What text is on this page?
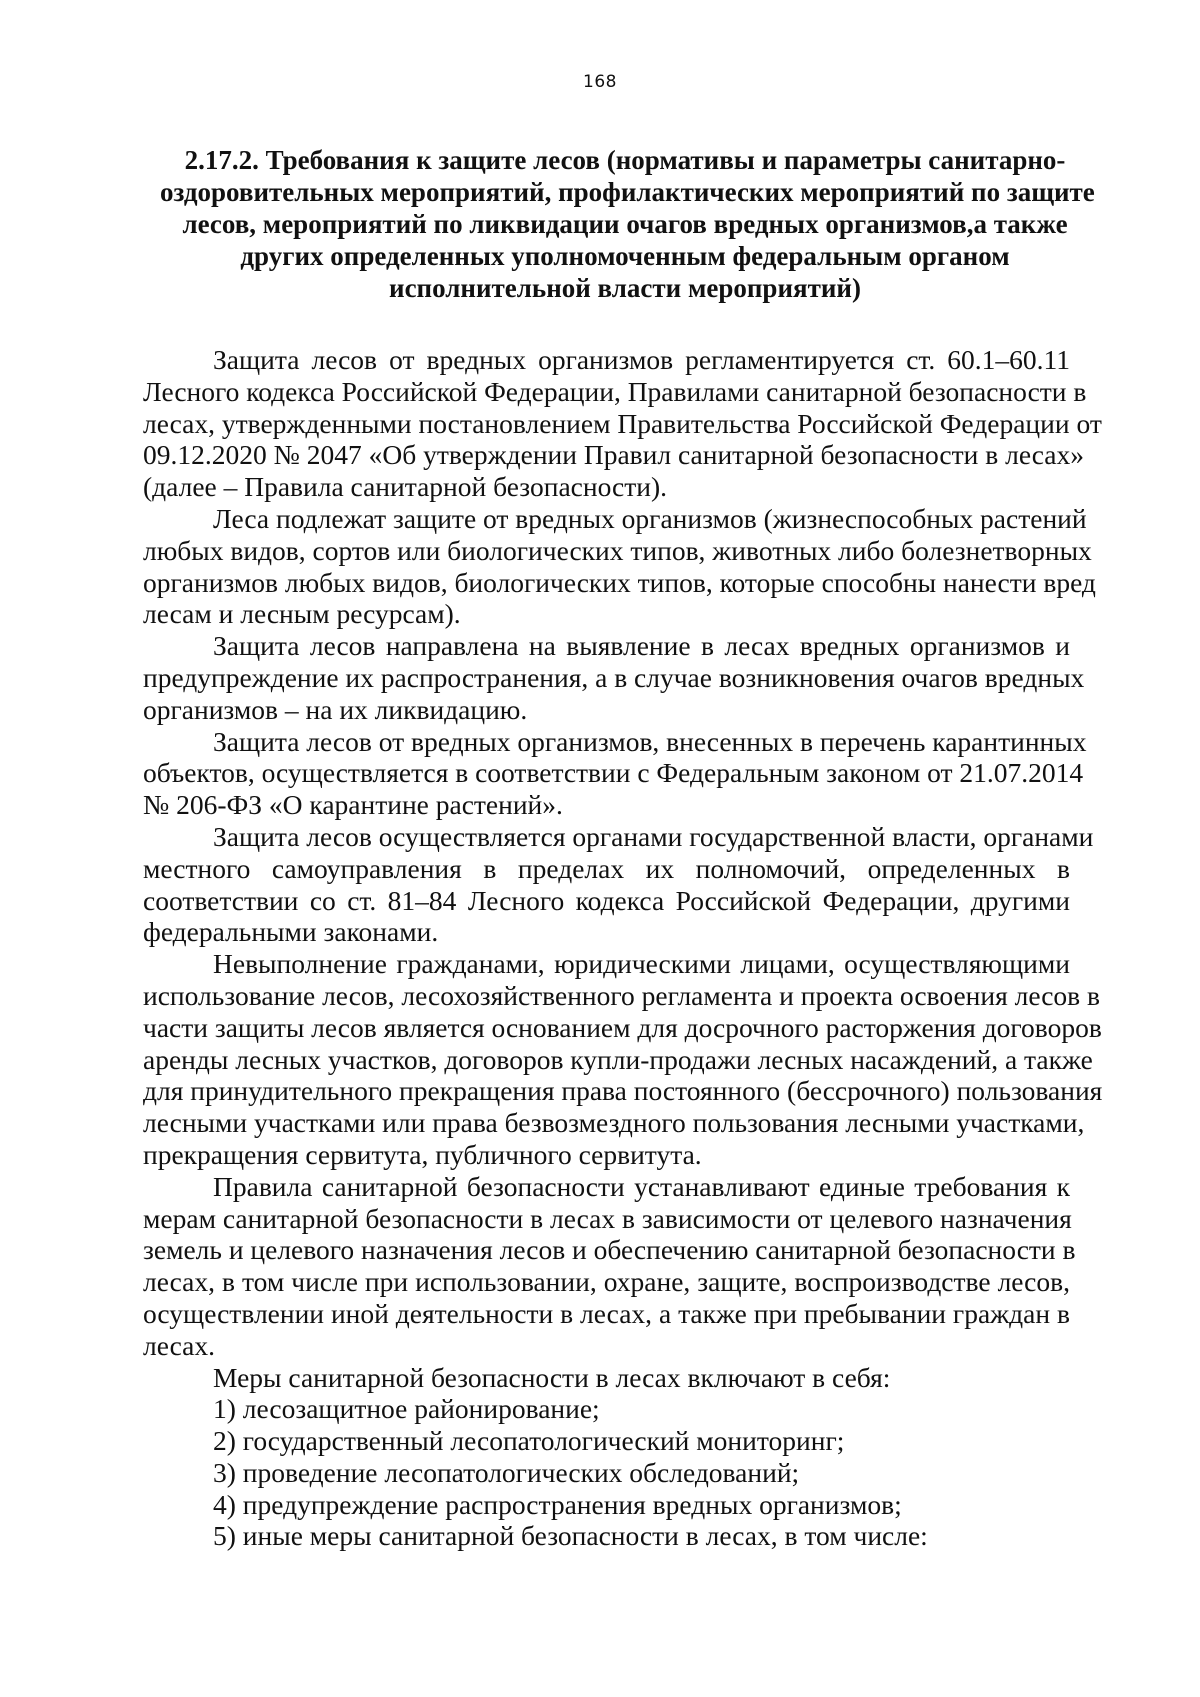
168
2.17.2. Требования к защите лесов (нормативы и параметры санитарно-
оздоровительных мероприятий, профилактических мероприятий по защите
лесов, мероприятий по ликвидации очагов вредных организмов,а также
других определенных уполномоченным федеральным органом
исполнительной власти мероприятий)

Защита лесов от вредных организмов регламентируется ст. 60.1–60.11
Лесного кодекса Российской Федерации, Правилами санитарной безопасности в
лесах, утвержденными постановлением Правительства Российской Федерации от
09.12.2020 № 2047 «Об утверждении Правил санитарной безопасности в лесах»
(далее – Правила санитарной безопасности).

Леса подлежат защите от вредных организмов (жизнеспособных растений
любых видов, сортов или биологических типов, животных либо болезнетворных
организмов любых видов, биологических типов, которые способны нанести вред
лесам и лесным ресурсам).

Защита лесов направлена на выявление в лесах вредных организмов и
предупреждение их распространения, а в случае возникновения очагов вредных
организмов – на их ликвидацию.

Защита лесов от вредных организмов, внесенных в перечень карантинных
объектов, осуществляется в соответствии с Федеральным законом от 21.07.2014
№ 206-ФЗ «О карантине растений».

Защита лесов осуществляется органами государственной власти, органами
местного самоуправления в пределах их полномочий, определенных в
соответствии со ст. 81–84 Лесного кодекса Российской Федерации, другими
федеральными законами.

Невыполнение гражданами, юридическими лицами, осуществляющими
использование лесов, лесохозяйственного регламента и проекта освоения лесов в
части защиты лесов является основанием для досрочного расторжения договоров
аренды лесных участков, договоров купли-продажи лесных насаждений, а также
для принудительного прекращения права постоянного (бессрочного) пользования
лесными участками или права безвозмездного пользования лесными участками,
прекращения сервитута, публичного сервитута.

Правила санитарной безопасности устанавливают единые требования к
мерам санитарной безопасности в лесах в зависимости от целевого назначения
земель и целевого назначения лесов и обеспечению санитарной безопасности в
лесах, в том числе при использовании, охране, защите, воспроизводстве лесов,
осуществлении иной деятельности в лесах, а также при пребывании граждан в
лесах.

Меры санитарной безопасности в лесах включают в себя:
1) лесозащитное районирование;
2) государственный лесопатологический мониторинг;
3) проведение лесопатологических обследований;
4) предупреждение распространения вредных организмов;
5) иные меры санитарной безопасности в лесах, в том числе:
